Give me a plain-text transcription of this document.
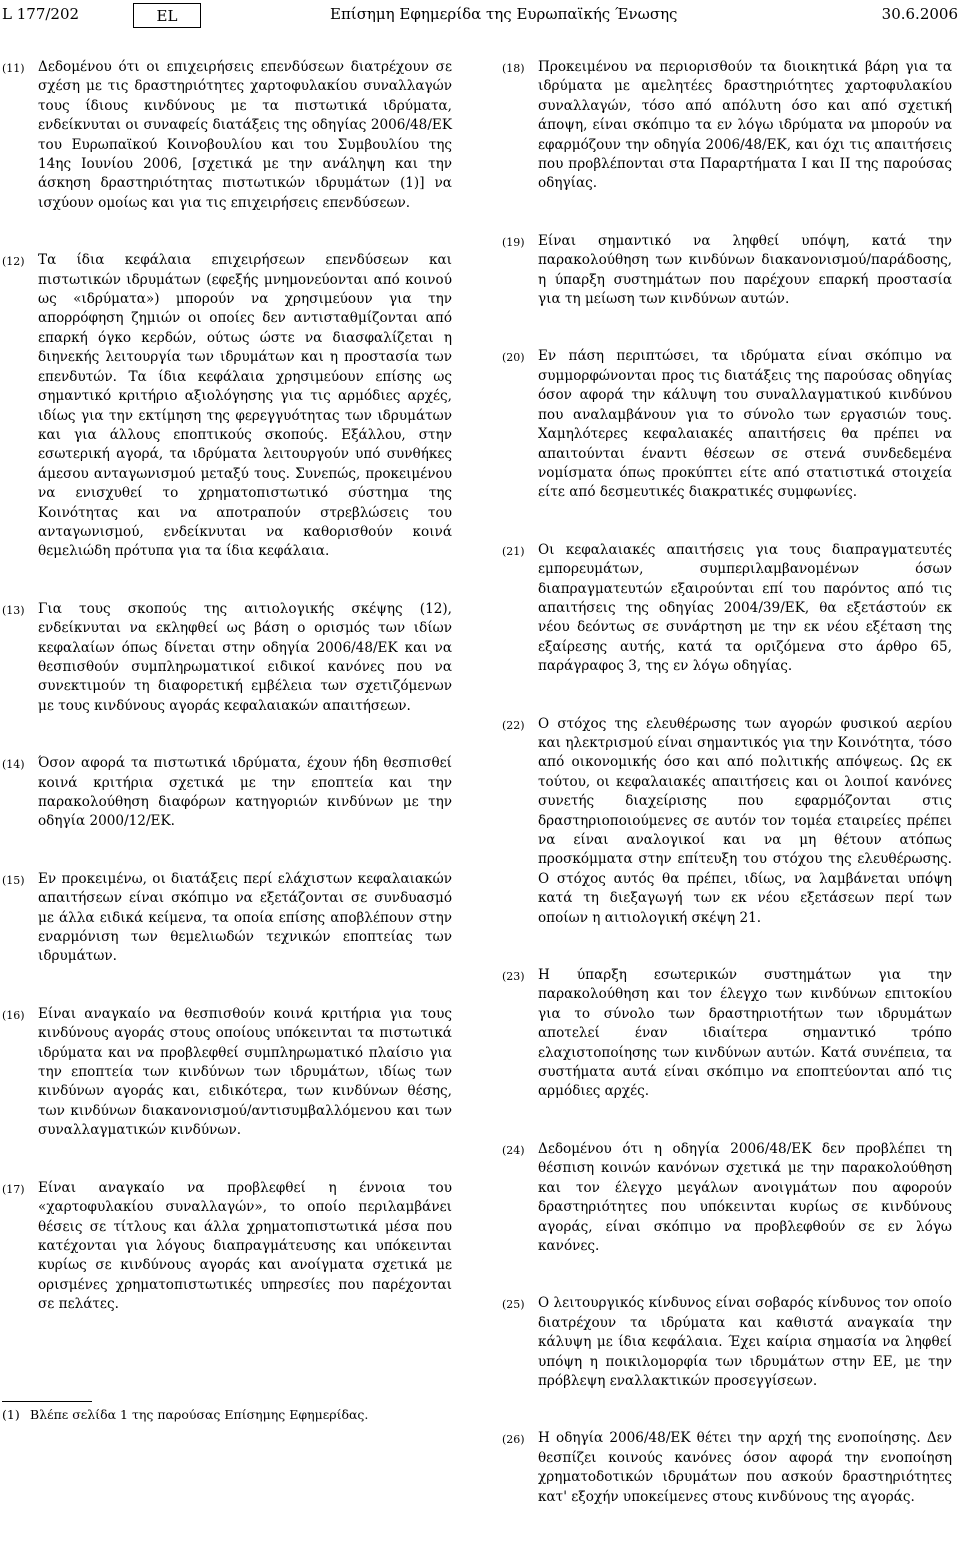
L 177/202	EL	Επίσημη Εφημερίδα της Ευρωπαϊκής Ένωσης	30.6.2006
(11) Δεδομένου ότι οι επιχειρήσεις επενδύσεων διατρέχουν σε σχέση με τις δραστηριότητες χαρτοφυλακίου συναλλαγών τους ίδιους κινδύνους με τα πιστωτικά ιδρύματα, ενδείκνυται οι συναφείς διατάξεις της οδηγίας 2006/48/ΕΚ του Ευρωπαϊκού Κοινοβουλίου και του Συμβουλίου της 14ης Ιουνίου 2006, [σχετικά με την ανάληψη και την άσκηση δραστηριότητας πιστωτικών ιδρυμάτων (1)] να ισχύουν ομοίως και για τις επιχειρήσεις επενδύσεων.
(12) Τα ίδια κεφάλαια επιχειρήσεων επενδύσεων και πιστωτικών ιδρυμάτων (εφεξής μνημονεύονται από κοινού ως «ιδρύματα») μπορούν να χρησιμεύουν για την απορρόφηση ζημιών οι οποίες δεν αντισταθμίζονται από επαρκή όγκο κερδών, ούτως ώστε να διασφαλίζεται η διηνεκής λειτουργία των ιδρυμάτων και η προστασία των επενδυτών. Τα ίδια κεφάλαια χρησιμεύουν επίσης ως σημαντικό κριτήριο αξιολόγησης για τις αρμόδιες αρχές, ιδίως για την εκτίμηση της φερεγγυότητας των ιδρυμάτων και για άλλους εποπτικούς σκοπούς. Εξάλλου, στην εσωτερική αγορά, τα ιδρύματα λειτουργούν υπό συνθήκες άμεσου ανταγωνισμού μεταξύ τους. Συνεπώς, προκειμένου να ενισχυθεί το χρηματοπιστωτικό σύστημα της Κοινότητας και να αποτραπούν στρεβλώσεις του ανταγωνισμού, ενδείκνυται να καθορισθούν κοινά θεμελιώδη πρότυπα για τα ίδια κεφάλαια.
(13) Για τους σκοπούς της αιτιολογικής σκέψης (12), ενδείκνυται να εκληφθεί ως βάση ο ορισμός των ιδίων κεφαλαίων όπως δίνεται στην οδηγία 2006/48/ΕΚ και να θεσπισθούν συμπληρωματικοί ειδικοί κανόνες που να συνεκτιμούν τη διαφορετική εμβέλεια των σχετιζόμενων με τους κινδύνους αγοράς κεφαλαιακών απαιτήσεων.
(14) Όσον αφορά τα πιστωτικά ιδρύματα, έχουν ήδη θεσπισθεί κοινά κριτήρια σχετικά με την εποπτεία και την παρακολούθηση διαφόρων κατηγοριών κινδύνων με την οδηγία 2000/12/ΕΚ.
(15) Εν προκειμένω, οι διατάξεις περί ελάχιστων κεφαλαιακών απαιτήσεων είναι σκόπιμο να εξετάζονται σε συνδυασμό με άλλα ειδικά κείμενα, τα οποία επίσης αποβλέπουν στην εναρμόνιση των θεμελιωδών τεχνικών εποπτείας των ιδρυμάτων.
(16) Είναι αναγκαίο να θεσπισθούν κοινά κριτήρια για τους κινδύνους αγοράς στους οποίους υπόκεινται τα πιστωτικά ιδρύματα και να προβλεφθεί συμπληρωματικό πλαίσιο για την εποπτεία των κινδύνων των ιδρυμάτων, ιδίως των κινδύνων αγοράς και, ειδικότερα, των κινδύνων θέσης, των κινδύνων διακανονισμού/αντισυμβαλλόμενου και των συναλλαγματικών κινδύνων.
(17) Είναι αναγκαίο να προβλεφθεί η έννοια του «χαρτοφυλακίου συναλλαγών», το οποίο περιλαμβάνει θέσεις σε τίτλους και άλλα χρηματοπιστωτικά μέσα που κατέχονται για λόγους διαπραγμάτευσης και υπόκεινται κυρίως σε κινδύνους αγοράς και ανοίγματα σχετικά με ορισμένες χρηματοπιστωτικές υπηρεσίες που παρέχονται σε πελάτες.
(18) Προκειμένου να περιορισθούν τα διοικητικά βάρη για τα ιδρύματα με αμελητέες δραστηριότητες χαρτοφυλακίου συναλλαγών, τόσο από απόλυτη όσο και από σχετική άποψη, είναι σκόπιμο τα εν λόγω ιδρύματα να μπορούν να εφαρμόζουν την οδηγία 2006/48/ΕΚ, και όχι τις απαιτήσεις που προβλέπονται στα Παραρτήματα I και II της παρούσας οδηγίας.
(19) Είναι σημαντικό να ληφθεί υπόψη, κατά την παρακολούθηση των κινδύνων διακανονισμού/παράδοσης, η ύπαρξη συστημάτων που παρέχουν επαρκή προστασία για τη μείωση των κινδύνων αυτών.
(20) Εν πάση περιπτώσει, τα ιδρύματα είναι σκόπιμο να συμμορφώνονται προς τις διατάξεις της παρούσας οδηγίας όσον αφορά την κάλυψη του συναλλαγματικού κινδύνου που αναλαμβάνουν για το σύνολο των εργασιών τους. Χαμηλότερες κεφαλαιακές απαιτήσεις θα πρέπει να απαιτούνται έναντι θέσεων σε στενά συνδεδεμένα νομίσματα όπως προκύπτει είτε από στατιστικά στοιχεία είτε από δεσμευτικές διακρατικές συμφωνίες.
(21) Οι κεφαλαιακές απαιτήσεις για τους διαπραγματευτές εμπορευμάτων, συμπεριλαμβανομένων όσων διαπραγματευτών εξαιρούνται επί του παρόντος από τις απαιτήσεις της οδηγίας 2004/39/ΕΚ, θα εξετάστούν εκ νέου δεόντως σε συνάρτηση με την εκ νέου εξέταση της εξαίρεσης αυτής, κατά τα οριζόμενα στο άρθρο 65, παράγραφος 3, της εν λόγω οδηγίας.
(22) Ο στόχος της ελευθέρωσης των αγορών φυσικού αερίου και ηλεκτρισμού είναι σημαντικός για την Κοινότητα, τόσο από οικονομικής όσο και από πολιτικής απόψεως. Ως εκ τούτου, οι κεφαλαιακές απαιτήσεις και οι λοιποί κανόνες συνετής διαχείρισης που εφαρμόζονται στις δραστηριοποιούμενες σε αυτόν τον τομέα εταιρείες πρέπει να είναι αναλογικοί και να μη θέτουν ατόπως προσκόμματα στην επίτευξη του στόχου της ελευθέρωσης. Ο στόχος αυτός θα πρέπει, ιδίως, να λαμβάνεται υπόψη κατά τη διεξαγωγή των εκ νέου εξετάσεων περί των οποίων η αιτιολογική σκέψη 21.
(23) Η ύπαρξη εσωτερικών συστημάτων για την παρακολούθηση και τον έλεγχο των κινδύνων επιτοκίου για το σύνολο των δραστηριοτήτων των ιδρυμάτων αποτελεί έναν ιδιαίτερα σημαντικό τρόπο ελαχιστοποίησης των κινδύνων αυτών. Κατά συνέπεια, τα συστήματα αυτά είναι σκόπιμο να εποπτεύονται από τις αρμόδιες αρχές.
(24) Δεδομένου ότι η οδηγία 2006/48/ΕΚ δεν προβλέπει τη θέσπιση κοινών κανόνων σχετικά με την παρακολούθηση και τον έλεγχο μεγάλων ανοιγμάτων που αφορούν δραστηριότητες που υπόκεινται κυρίως σε κινδύνους αγοράς, είναι σκόπιμο να προβλεφθούν σε εν λόγω κανόνες.
(25) Ο λειτουργικός κίνδυνος είναι σοβαρός κίνδυνος τον οποίο διατρέχουν τα ιδρύματα και καθιστά αναγκαία την κάλυψη με ίδια κεφάλαια. Έχει καίρια σημασία να ληφθεί υπόψη η ποικιλομορφία των ιδρυμάτων στην ΕΕ, με την πρόβλεψη εναλλακτικών προσεγγίσεων.
(26) Η οδηγία 2006/48/ΕΚ θέτει την αρχή της ενοποίησης. Δεν θεσπίζει κοινούς κανόνες όσον αφορά την ενοποίηση χρηματοδοτικών ιδρυμάτων που ασκούν δραστηριότητες κατ' εξοχήν υποκείμενες στους κινδύνους της αγοράς.
(1) Βλέπε σελίδα 1 της παρούσας Επίσημης Εφημερίδας.
